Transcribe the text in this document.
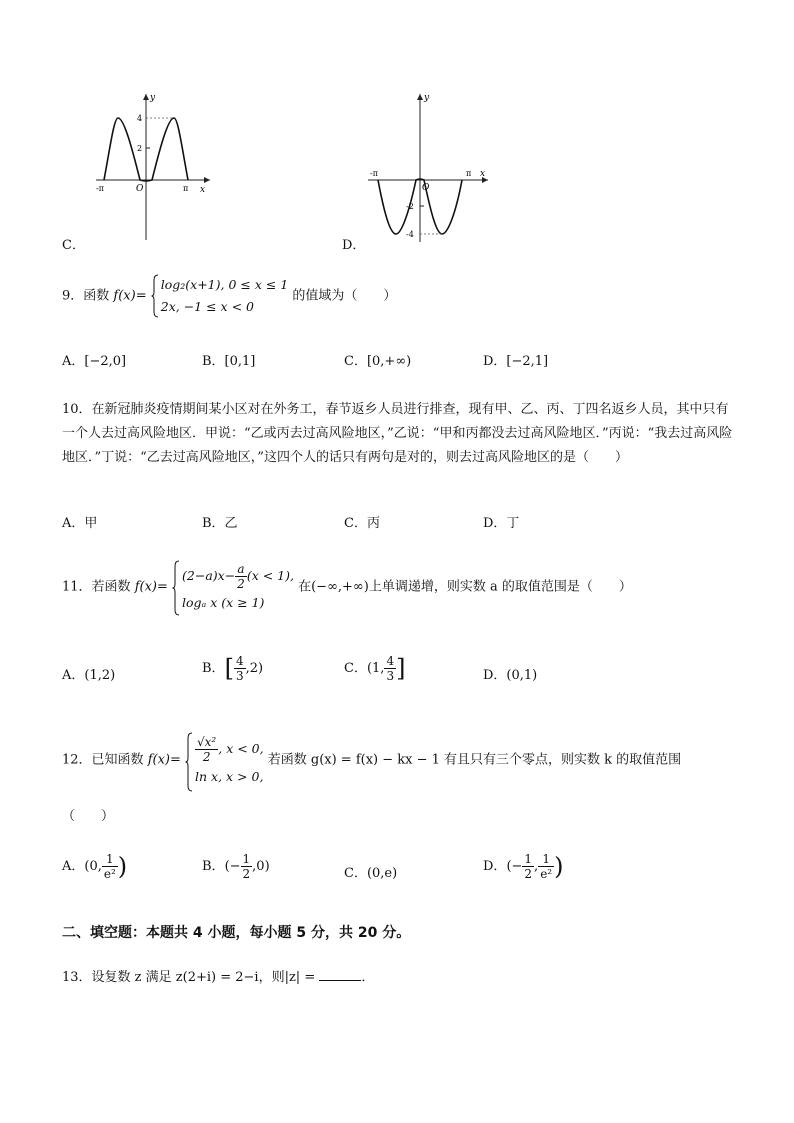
y
x
O
-π	π
4
2
C．
y
x
O
-π	π
-2
-4
D．
9．函数 f(x)=
log₂(x+1), 0 ≤ x ≤ 1
2x, −1 ≤ x < 0
的值域为（　　）
A．[−2,0]	B．[0,1]	C．[0,+∞)	D．[−2,1]
10．在新冠肺炎疫情期间某小区对在外务工，春节返乡人员进行排查，现有甲、乙、丙、丁四名返乡人员，其中只有一个人去过高风险地区．甲说：“乙或丙去过高风险地区，”乙说：“甲和丙都没去过高风险地区．”丙说：“我去过高风险地区．”丁说：“乙去过高风险地区，”这四个人的话只有两句是对的，则去过高风险地区的是（　　）
A．甲	B．乙	C．丙	D．丁
11．若函数 f(x)=
$(2-a)x- \frac{a}{2} (x < 1)$,
logₐ x (x ≥ 1)
在(−∞,+∞)上单调递增，则实数 a 的取值范围是（　　）
A．(1,2)	B．[ $\frac{4}{3} ,2$)	C．(1, $\frac{4}{3}$ ]	D．(0,1)
12．已知函数 $f(x)= \frac{\text{√x²}}{2}$ , x < 0,
ln x, x > 0,
若函数 g(x) = f(x) − kx − 1 有且只有三个零点，则实数 k 的取值范围
（　　）
A．(0, $\frac{1}{\text{e²}}$ )	B．(− $\frac{1}{2} ,0$)	C．(0,e)	D．(− $\frac{1}{2}$ , $\frac{1}{\text{e²}}$ )
二、填空题：本题共 4 小题，每小题 5 分，共 20 分。
13．设复数 z 满足 z(2+i) = 2−i，则|z| =	．
